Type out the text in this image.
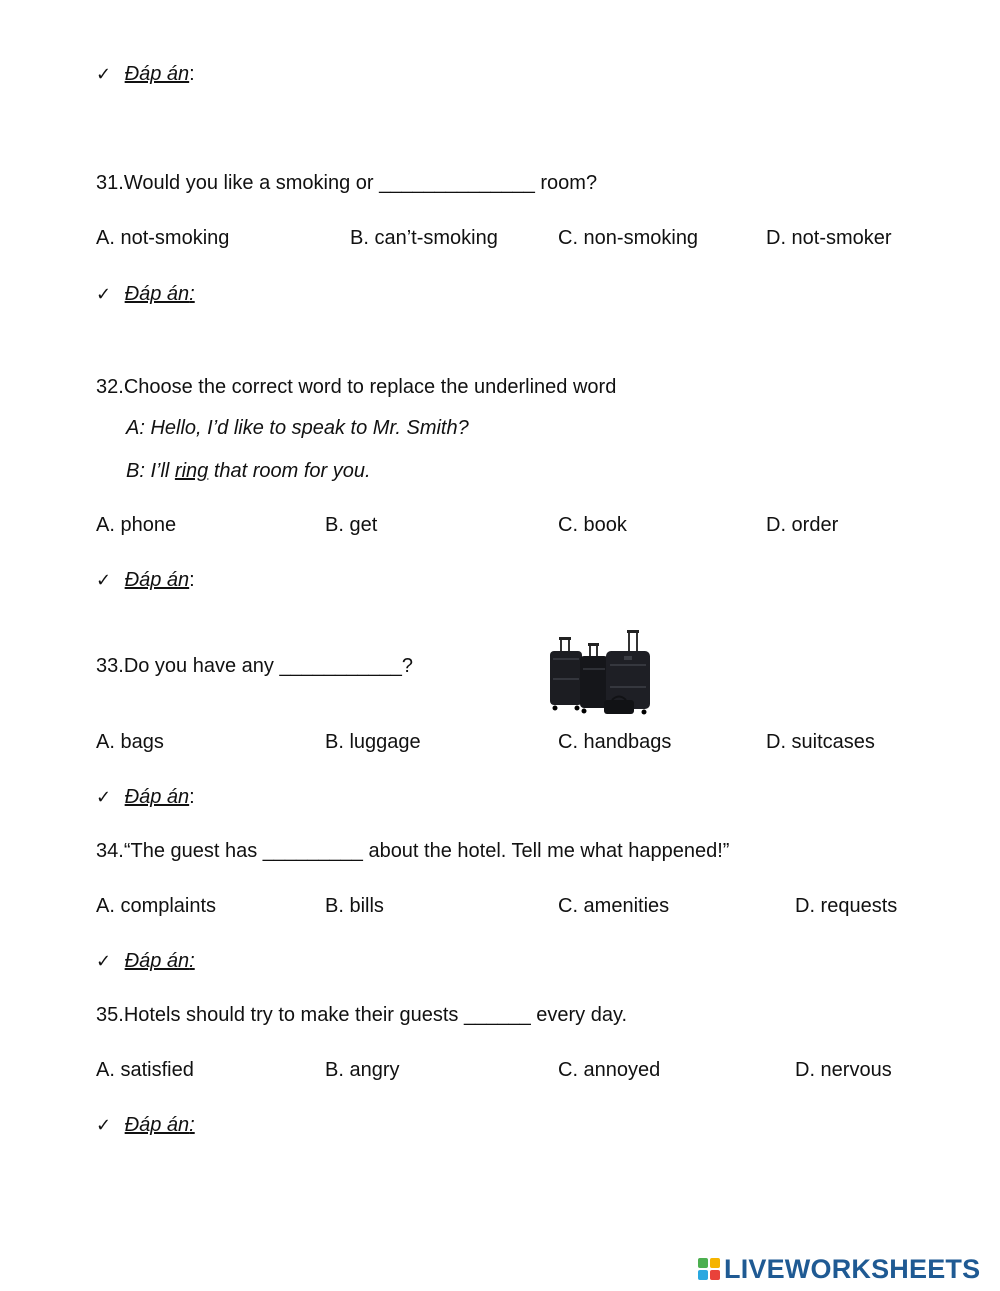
✓ Đáp án:
31.Would you like a smoking or ______________ room?
A. not-smoking	B. can’t-smoking	C. non-smoking	D. not-smoker
✓ Đáp án:
32.Choose the correct word to replace the underlined word
A: Hello, I’d like to speak to Mr. Smith?
B: I’ll ring that room for you.
A. phone	B. get	C. book	D. order
✓ Đáp án:
33.Do you have any ___________?
A. bags	B. luggage	C. handbags	D. suitcases
✓ Đáp án:
34.“The guest has _________ about the hotel. Tell me what happened!”
A. complaints	B. bills	C. amenities	D. requests
✓ Đáp án:
35.Hotels should try to make their guests ______ every day.
A. satisfied	B. angry	C. annoyed	D. nervous
✓ Đáp án:
LIVEWORKSHEETS
